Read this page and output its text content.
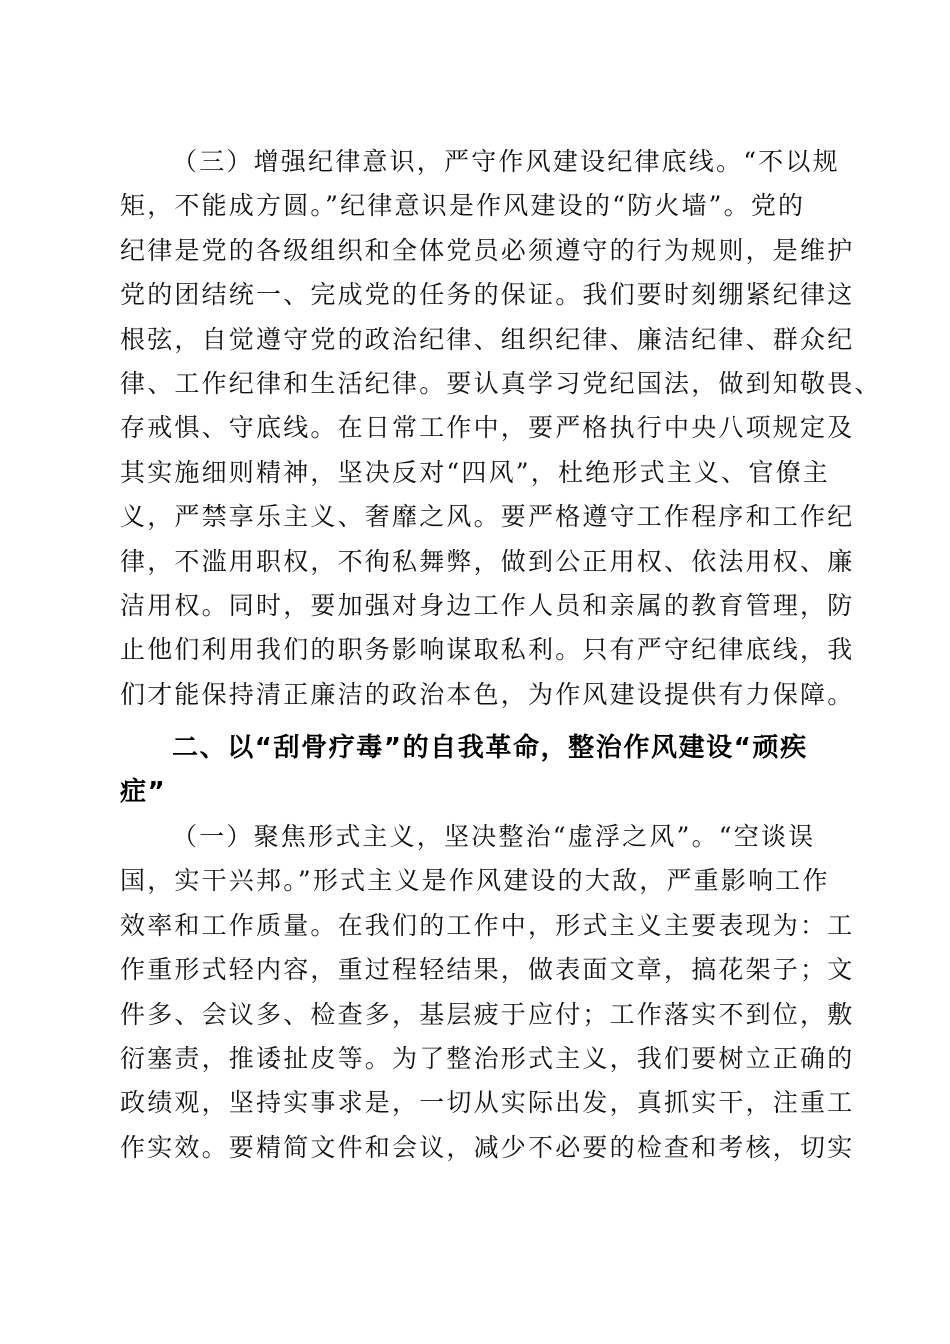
（三）增强纪律意识，严守作风建设纪律底线。“不以规
矩，不能成方圆。”纪律意识是作风建设的“防火墙”。党的
纪律是党的各级组织和全体党员必须遵守的行为规则，是维护
党的团结统一、完成党的任务的保证。我们要时刻绷紧纪律这
根弦，自觉遵守党的政治纪律、组织纪律、廉洁纪律、群众纪
律、工作纪律和生活纪律。要认真学习党纪国法，做到知敬畏、
存戒惧、守底线。在日常工作中，要严格执行中央八项规定及
其实施细则精神，坚决反对“四风”，杜绝形式主义、官僚主
义，严禁享乐主义、奢靡之风。要严格遵守工作程序和工作纪
律，不滥用职权，不徇私舞弊，做到公正用权、依法用权、廉
洁用权。同时，要加强对身边工作人员和亲属的教育管理，防
止他们利用我们的职务影响谋取私利。只有严守纪律底线，我
们才能保持清正廉洁的政治本色，为作风建设提供有力保障。
二、以“刮骨疗毒”的自我革命，整治作风建设“顽疾
症”
（一）聚焦形式主义，坚决整治“虚浮之风”。“空谈误
国，实干兴邦。”形式主义是作风建设的大敌，严重影响工作
效率和工作质量。在我们的工作中，形式主义主要表现为：工
作重形式轻内容，重过程轻结果，做表面文章，搞花架子；文
件多、会议多、检查多，基层疲于应付；工作落实不到位，敷
衍塞责，推诿扯皮等。为了整治形式主义，我们要树立正确的
政绩观，坚持实事求是，一切从实际出发，真抓实干，注重工
作实效。要精简文件和会议，减少不必要的检查和考核，切实
